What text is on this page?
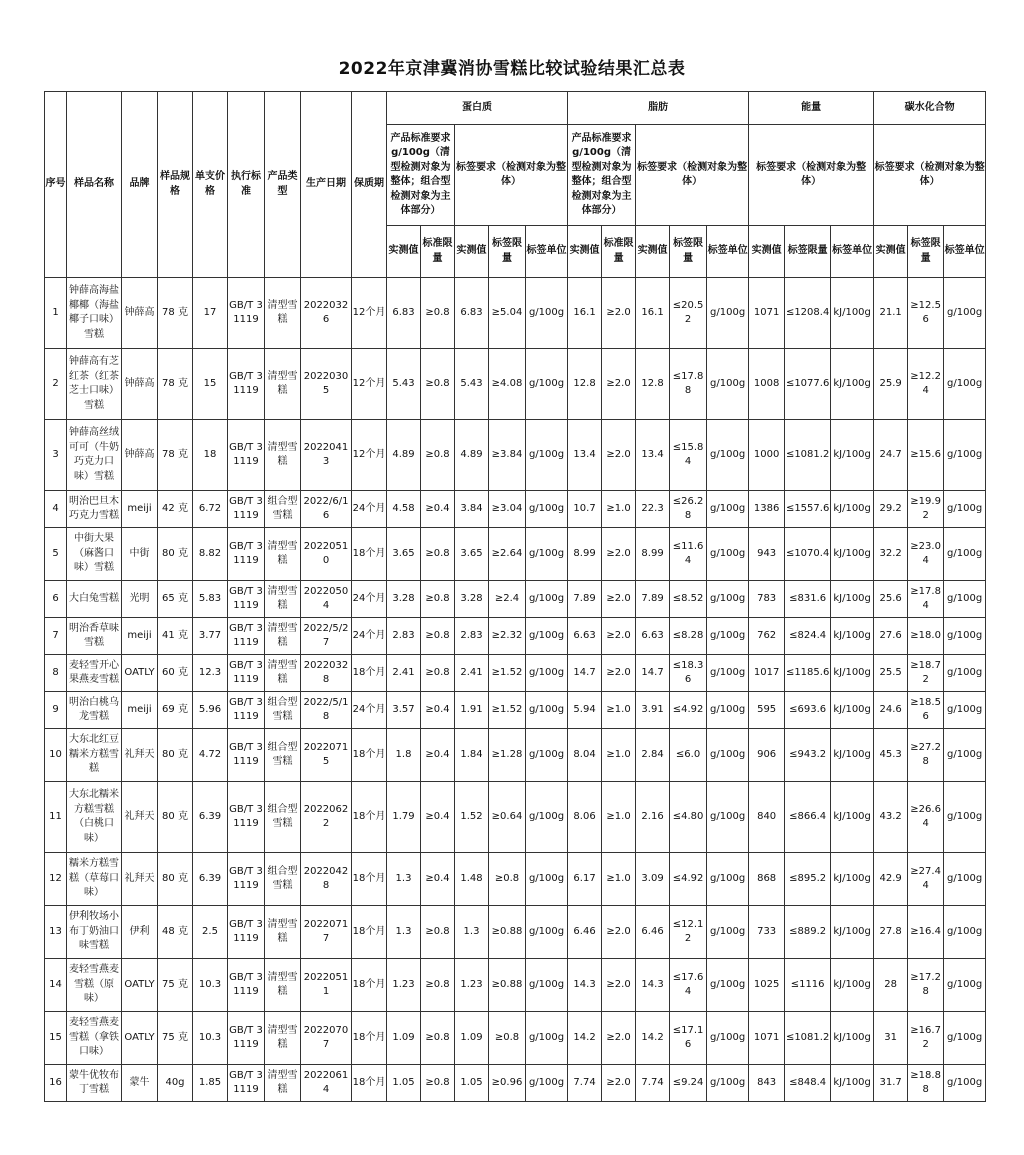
2022年京津冀消协雪糕比较试验结果汇总表
序号	样品名称	品牌	样品规格	单支价格	执行标准	产品类型	生产日期	保质期	蛋白质					脂肪					能量			碳水化合物		
									产品标准要求g/100g（清型检测对象为整体；组合型检测对象为主体部分）		标签要求（检测对象为整体）			产品标准要求g/100g（清型检测对象为整体；组合型检测对象为主体部分）		标签要求（检测对象为整体）			标签要求（检测对象为整体）			标签要求（检测对象为整体）		
									实测值	标准限量	实测值	标签限量	标签单位	实测值	标准限量	实测值	标签限量	标签单位	实测值	标签限量	标签单位	实测值	标签限量	标签单位
1	钟薛高海盐椰椰（海盐椰子口味）雪糕	钟薛高	78 克	17	GB/T 31119	清型雪糕	20220326	12个月	6.83	≥0.8	6.83	≥5.04	g/100g	16.1	≥2.0	16.1	≤20.52	g/100g	1071	≤1208.4	kJ/100g	21.1	≥12.56	g/100g
2	钟薛高有芝红茶（红茶芝士口味）雪糕	钟薛高	78 克	15	GB/T 31119	清型雪糕	20220305	12个月	5.43	≥0.8	5.43	≥4.08	g/100g	12.8	≥2.0	12.8	≤17.88	g/100g	1008	≤1077.6	kJ/100g	25.9	≥12.24	g/100g
3	钟薛高丝绒可可（牛奶巧克力口味）雪糕	钟薛高	78 克	18	GB/T 31119	清型雪糕	20220413	12个月	4.89	≥0.8	4.89	≥3.84	g/100g	13.4	≥2.0	13.4	≤15.84	g/100g	1000	≤1081.2	kJ/100g	24.7	≥15.6	g/100g
4	明治巴旦木巧克力雪糕	meiji	42 克	6.72	GB/T 31119	组合型雪糕	2022/6/16	24个月	4.58	≥0.4	3.84	≥3.04	g/100g	10.7	≥1.0	22.3	≤26.28	g/100g	1386	≤1557.6	kJ/100g	29.2	≥19.92	g/100g
5	中街大果（麻酱口味）雪糕	中街	80 克	8.82	GB/T 31119	清型雪糕	20220510	18个月	3.65	≥0.8	3.65	≥2.64	g/100g	8.99	≥2.0	8.99	≤11.64	g/100g	943	≤1070.4	kJ/100g	32.2	≥23.04	g/100g
6	大白兔雪糕	光明	65 克	5.83	GB/T 31119	清型雪糕	20220504	24个月	3.28	≥0.8	3.28	≥2.4	g/100g	7.89	≥2.0	7.89	≤8.52	g/100g	783	≤831.6	kJ/100g	25.6	≥17.84	g/100g
7	明治香草味雪糕	meiji	41 克	3.77	GB/T 31119	清型雪糕	2022/5/27	24个月	2.83	≥0.8	2.83	≥2.32	g/100g	6.63	≥2.0	6.63	≤8.28	g/100g	762	≤824.4	kJ/100g	27.6	≥18.0	g/100g
8	麦轻雪开心果燕麦雪糕	OATLY	60 克	12.3	GB/T 31119	清型雪糕	20220328	18个月	2.41	≥0.8	2.41	≥1.52	g/100g	14.7	≥2.0	14.7	≤18.36	g/100g	1017	≤1185.6	kJ/100g	25.5	≥18.72	g/100g
9	明治白桃乌龙雪糕	meiji	69 克	5.96	GB/T 31119	组合型雪糕	2022/5/18	24个月	3.57	≥0.4	1.91	≥1.52	g/100g	5.94	≥1.0	3.91	≤4.92	g/100g	595	≤693.6	kJ/100g	24.6	≥18.56	g/100g
10	大东北红豆糯米方糕雪糕	礼拜天	80 克	4.72	GB/T 31119	组合型雪糕	20220715	18个月	1.8	≥0.4	1.84	≥1.28	g/100g	8.04	≥1.0	2.84	≤6.0	g/100g	906	≤943.2	kJ/100g	45.3	≥27.28	g/100g
11	大东北糯米方糕雪糕（白桃口味）	礼拜天	80 克	6.39	GB/T 31119	组合型雪糕	20220622	18个月	1.79	≥0.4	1.52	≥0.64	g/100g	8.06	≥1.0	2.16	≤4.80	g/100g	840	≤866.4	kJ/100g	43.2	≥26.64	g/100g
12	糯米方糕雪糕（草莓口味）	礼拜天	80 克	6.39	GB/T 31119	组合型雪糕	20220428	18个月	1.3	≥0.4	1.48	≥0.8	g/100g	6.17	≥1.0	3.09	≤4.92	g/100g	868	≤895.2	kJ/100g	42.9	≥27.44	g/100g
13	伊利牧场小布丁奶油口味雪糕	伊利	48 克	2.5	GB/T 31119	清型雪糕	20220717	18个月	1.3	≥0.8	1.3	≥0.88	g/100g	6.46	≥2.0	6.46	≤12.12	g/100g	733	≤889.2	kJ/100g	27.8	≥16.4	g/100g
14	麦轻雪燕麦雪糕（原味）	OATLY	75 克	10.3	GB/T 31119	清型雪糕	20220511	18个月	1.23	≥0.8	1.23	≥0.88	g/100g	14.3	≥2.0	14.3	≤17.64	g/100g	1025	≤1116	kJ/100g	28	≥17.28	g/100g
15	麦轻雪燕麦雪糕（拿铁口味）	OATLY	75 克	10.3	GB/T 31119	清型雪糕	20220707	18个月	1.09	≥0.8	1.09	≥0.8	g/100g	14.2	≥2.0	14.2	≤17.16	g/100g	1071	≤1081.2	kJ/100g	31	≥16.72	g/100g
16	蒙牛优牧布丁雪糕	蒙牛	40g	1.85	GB/T 31119	清型雪糕	20220614	18个月	1.05	≥0.8	1.05	≥0.96	g/100g	7.74	≥2.0	7.74	≤9.24	g/100g	843	≤848.4	kJ/100g	31.7	≥18.88	g/100g
